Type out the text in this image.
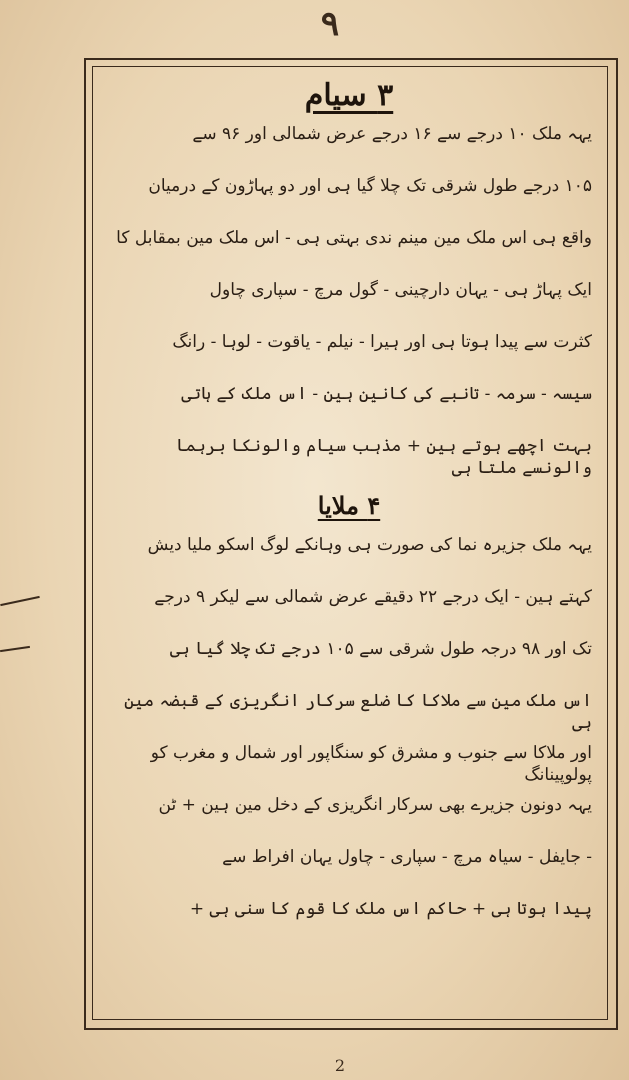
۹
۳ سیام
یہہ ملک ۱۰ درجے سے ۱۶ درجے عرض شمالی اور ۹۶ سے
۱۰۵ درجے طول شرقی تک چلا گیا ہی اور دو پہاڑون کے درمیان
واقع ہی اس ملک مین مینم ندی بہتی ہی - اس ملک مین بمقابل کا
ایک پہاڑ ہی - یہان دارچینی - گول مرچ - سپاری چاول
کثرت سے پیدا ہوتا ہی اور ہیرا - نیلم - یاقوت - لوہا - رانگ
سیسہ - سرمہ - تانبے کی کانین ہین - اس ملک کے ہاتی
بہت اچھے ہوتے ہین + مذہب سیام والونکا برہما والونسے ملتا ہی
۴ ملایا
یہہ ملک جزیرہ نما کی صورت ہی وہانکے لوگ اسکو ملیا دیش
کہتے ہین - ایک درجے ۲۲ دقیقے عرض شمالی سے لیکر ۹ درجے
تک اور ۹۸ درجہ طول شرقی سے ۱۰۵ درجے تک چلا گیا ہی
اس ملک مین سے ملاکا کا ضلع سرکار انگریزی کے قبضہ مین ہی
اور ملاکا سے جنوب و مشرق کو سنگاپور اور شمال و مغرب کو پولوپینانگ
یہہ دونون جزیرے بھی سرکار انگریزی کے دخل مین ہین + ٹن
- جایفل - سیاہ مرچ - سپاری - چاول یہان افراط سے
پیدا ہوتا ہی + حاکم اس ملک کا قوم کا سنی ہی +
2
